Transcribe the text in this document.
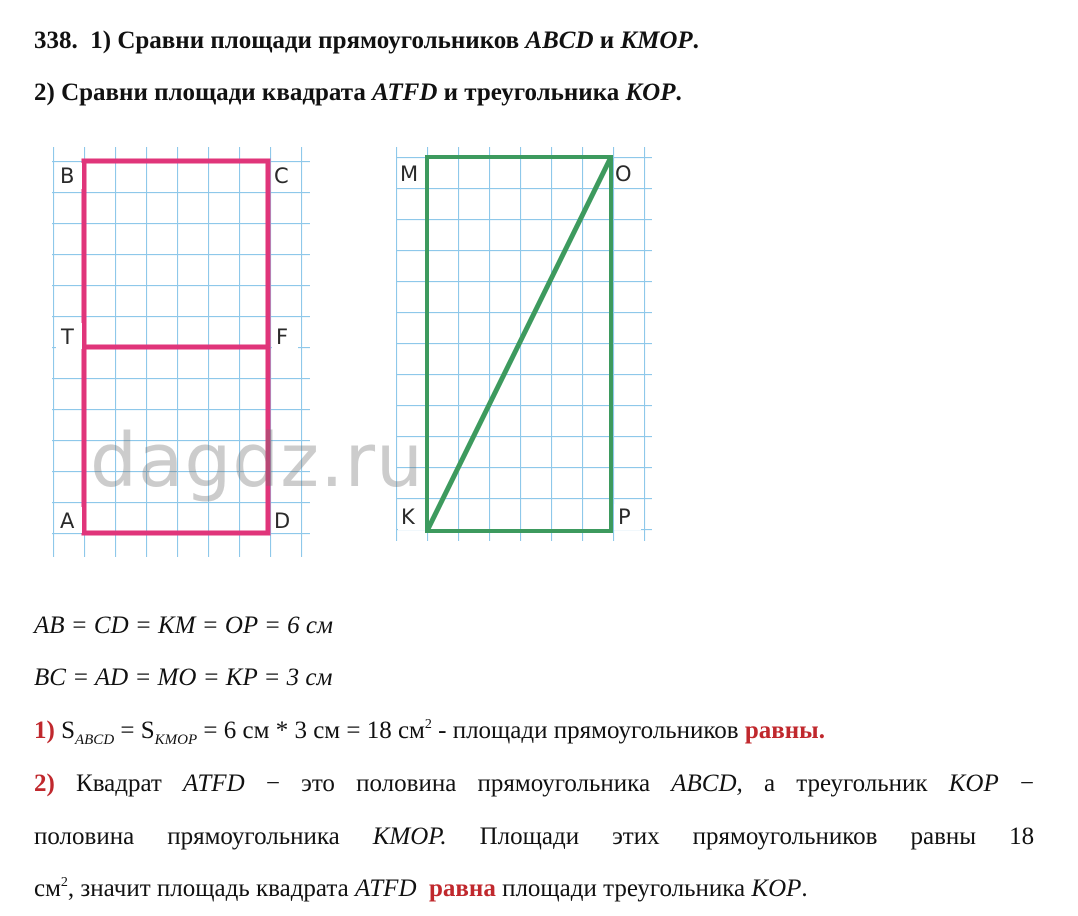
338. 1) Сравни площади прямоугольников ABCD и KMOP.
2) Сравни площади квадрата ATFD и треугольника KOP.
B	C
T	F
A	D
M	O
K	P
dagdz.ru
AB = CD = KM = OP = 6 см
BC = AD = MO = KP = 3 см
1) $S_{ABCD} = S_{KMOP} = 6$ см * 3 см = 18 $см^2$ - площади прямоугольников равны.
2) Квадрат ATFD − это половина прямоугольника ABCD, а треугольник KOP −
половина прямоугольника KMOP. Площади этих прямоугольников равны 18
$см^2$, значит площадь квадрата ATFD равна площади треугольника KOP.
